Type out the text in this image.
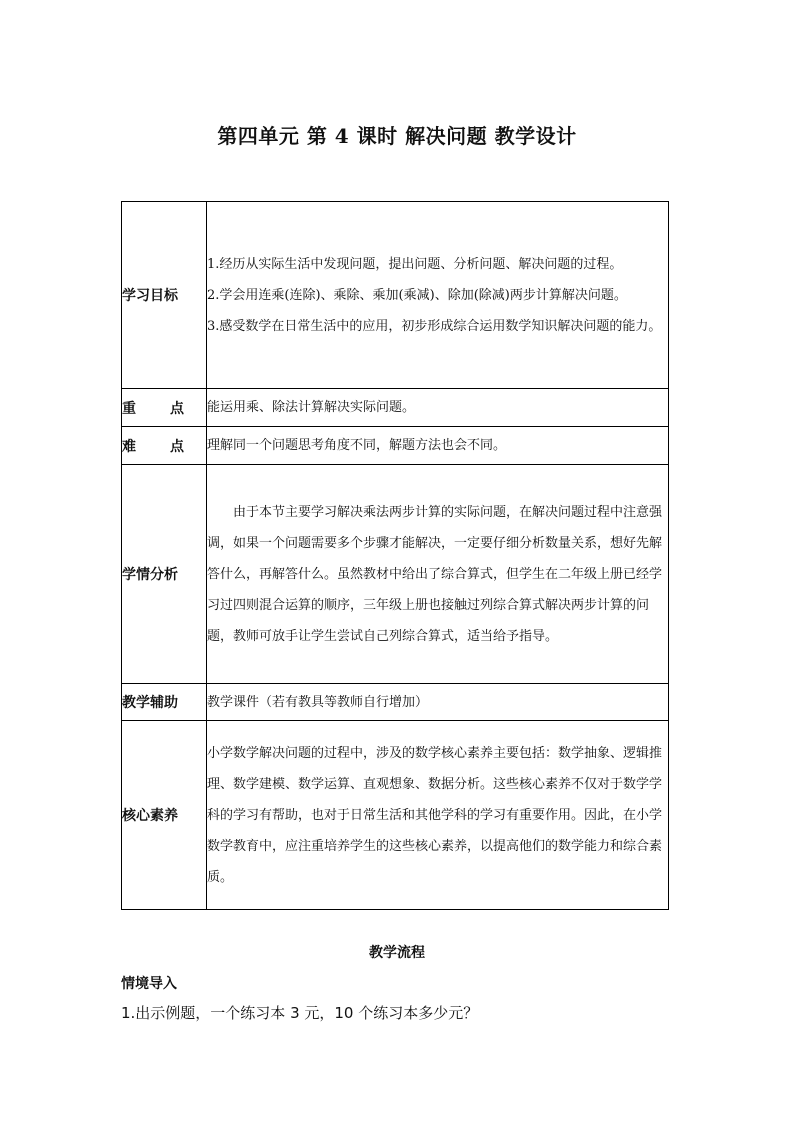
第四单元 第 4 课时 解决问题 教学设计
学习目标	1.经历从实际生活中发现问题，提出问题、分析问题、解决问题的过程。

2.学会用连乘(连除)、乘除、乘加(乘减)、除加(除减)两步计算解决问题。

3.感受数学在日常生活中的应用，初步形成综合运用数学知识解决问题的能力。

重 点	能运用乘、除法计算解决实际问题。

难 点	理解同一个问题思考角度不同，解题方法也会不同。
学情分析	由于本节主要学习解决乘法两步计算的实际问题，在解决问题过程中注意强调，如果一个问题需要多个步骤才能解决，一定要仔细分析数量关系，想好先解答什么，再解答什么。虽然教材中给出了综合算式，但学生在二年级上册已经学习过四则混合运算的顺序，三年级上册也接触过列综合算式解决两步计算的问题，教师可放手让学生尝试自己列综合算式，适当给予指导。

教学辅助	教学课件（若有教具等教师自行增加）
核心素养	小学数学解决问题的过程中，涉及的数学核心素养主要包括：数学抽象、逻辑推理、数学建模、数学运算、直观想象、数据分析。这些核心素养不仅对于数学学科的学习有帮助，也对于日常生活和其他学科的学习有重要作用。因此，在小学数学教育中，应注重培养学生的这些核心素养，以提高他们的数学能力和综合素质。

教学流程
情境导入
1.出示例题，一个练习本 3 元，10 个练习本多少元？
